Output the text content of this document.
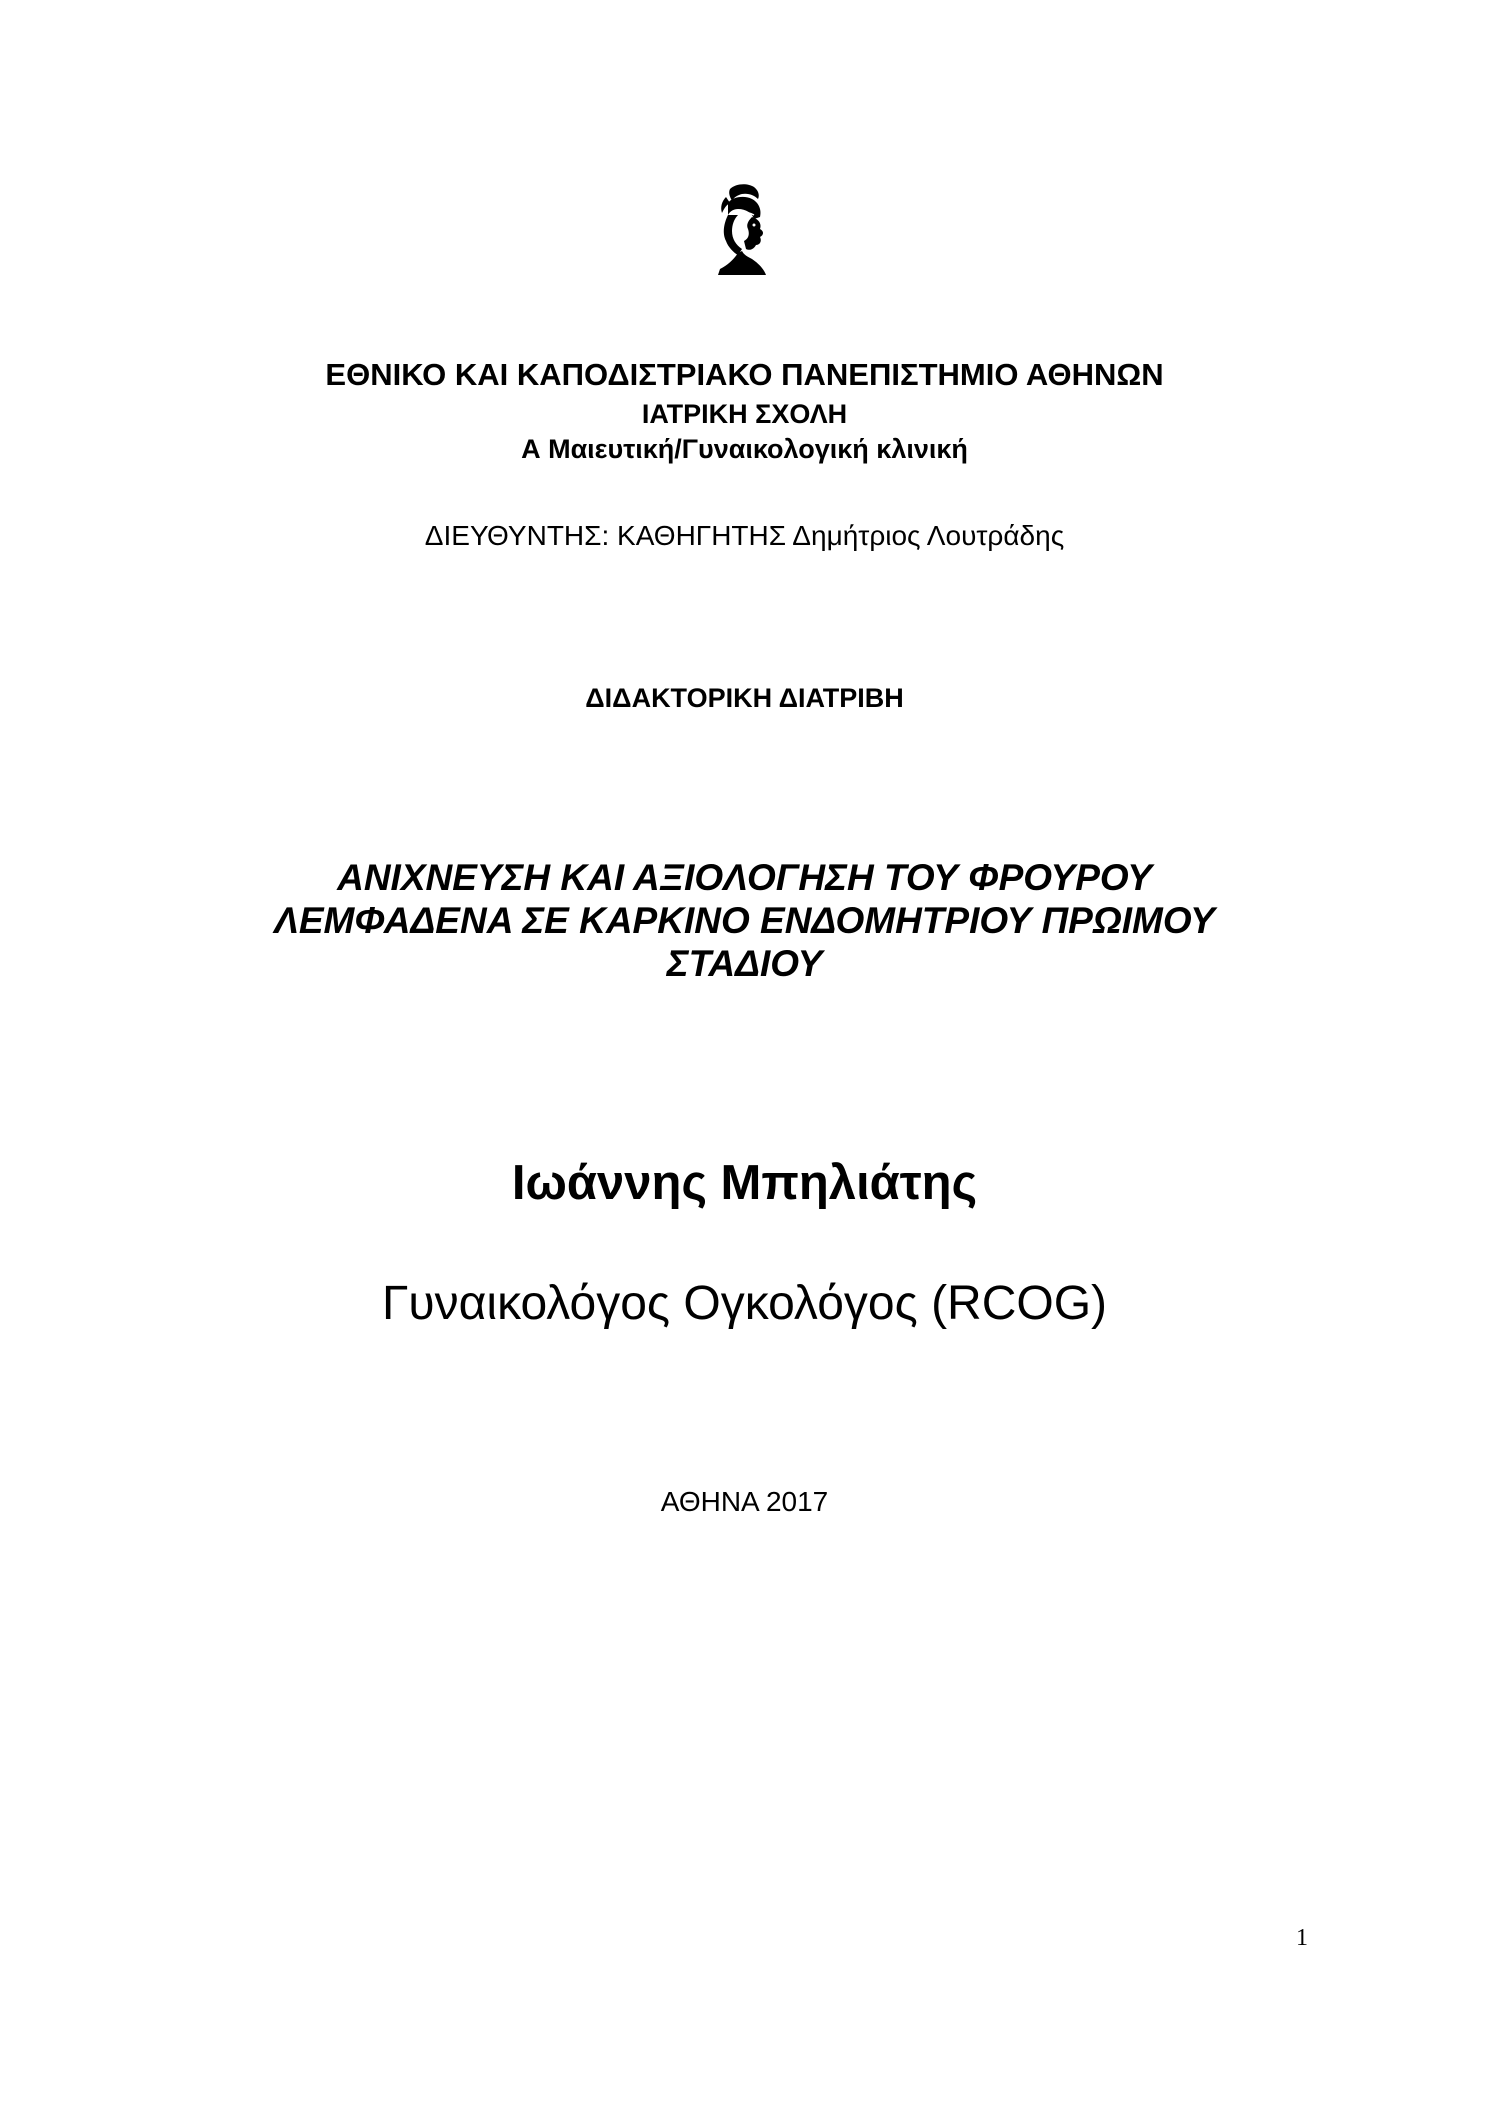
ΕΘΝΙΚΟ ΚΑΙ ΚΑΠΟΔΙΣΤΡΙΑΚΟ ΠΑΝΕΠΙΣΤΗΜΙΟ ΑΘΗΝΩΝ
ΙΑΤΡΙΚΗ ΣΧΟΛΗ
Α Μαιευτική/Γυναικολογική κλινική
ΔΙΕΥΘΥΝΤΗΣ: ΚΑΘΗΓΗΤΗΣ Δημήτριος Λουτράδης
ΔΙΔΑΚΤΟΡΙΚΗ ΔΙΑΤΡΙΒΗ
ΑΝΙΧΝΕΥΣΗ ΚΑΙ ΑΞΙΟΛΟΓΗΣΗ ΤΟΥ ΦΡΟΥΡΟΥ
ΛΕΜΦΑΔΕΝΑ ΣΕ ΚΑΡΚΙΝΟ ΕΝΔΟΜΗΤΡΙΟΥ ΠΡΩΙΜΟΥ
ΣΤΑΔΙΟΥ
Ιωάννης Μπηλιάτης
Γυναικολόγος Ογκολόγος (RCOG)
ΑΘΗΝΑ 2017
1
